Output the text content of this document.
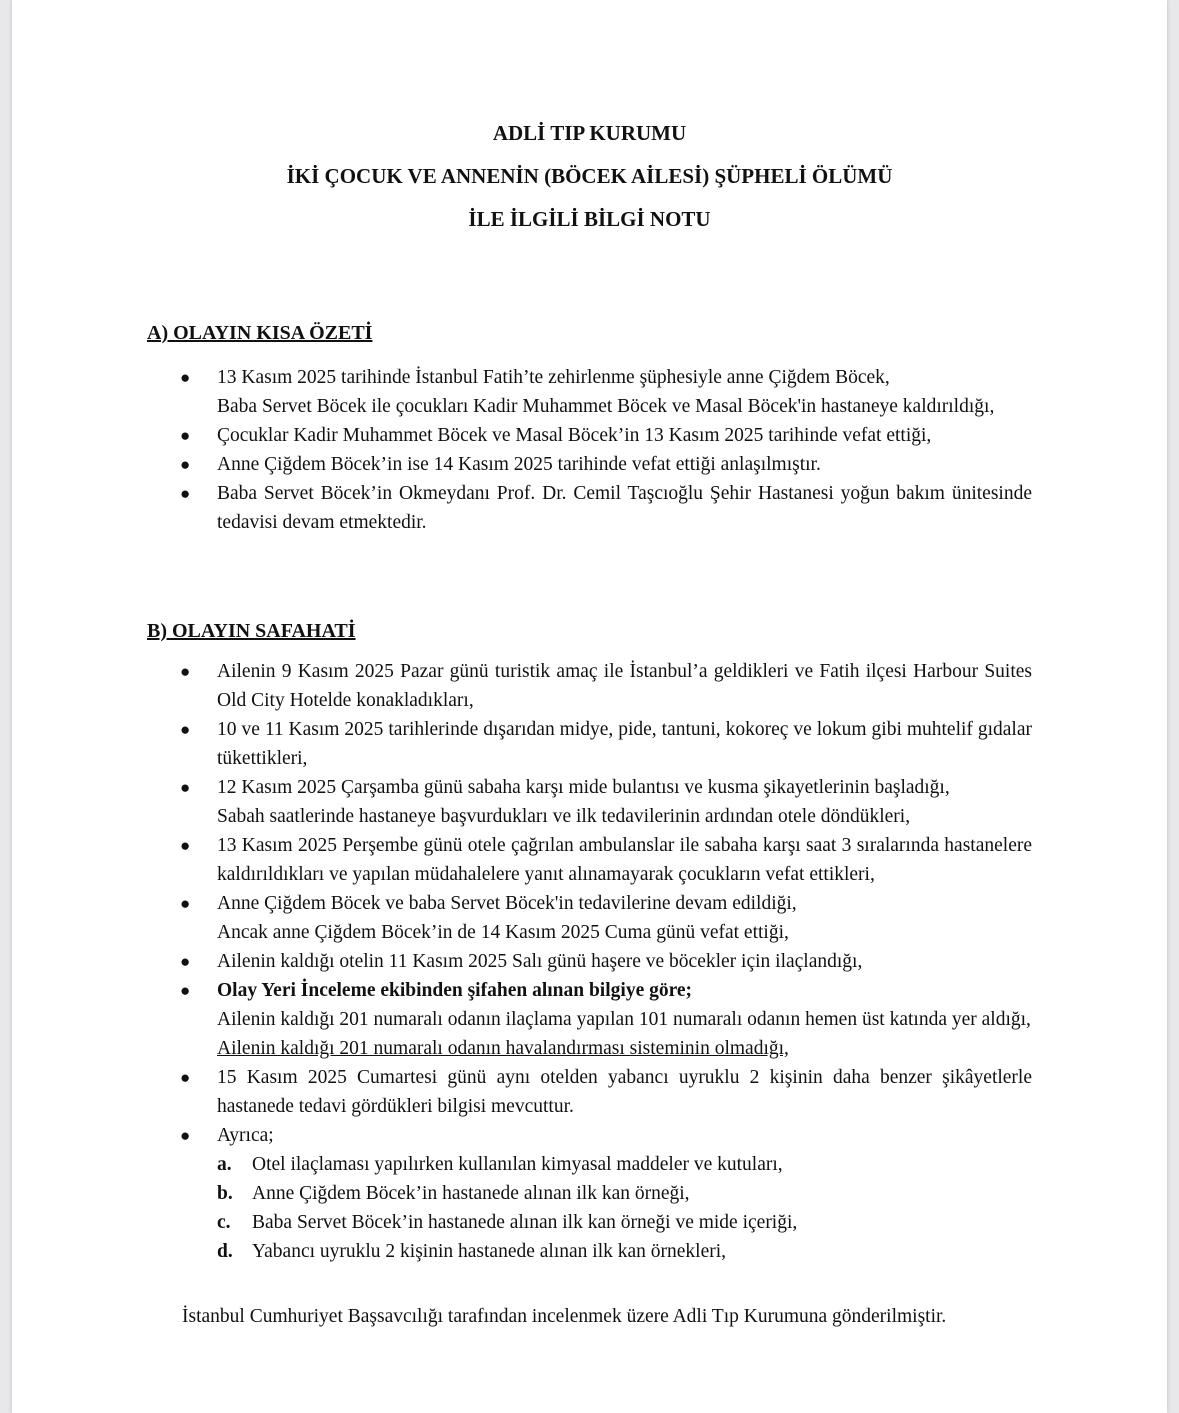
ADLİ TIP KURUMU
İKİ ÇOCUK VE ANNENİN (BÖCEK AİLESİ) ŞÜPHELİ ÖLÜMÜ
İLE İLGİLİ BİLGİ NOTU
A) OLAYIN KISA ÖZETİ
● 13 Kasım 2025 tarihinde İstanbul Fatih’te zehirlenme şüphesiyle anne Çiğdem Böcek,
Baba Servet Böcek ile çocukları Kadir Muhammet Böcek ve Masal Böcek'in hastaneye kaldırıldığı,
● Çocuklar Kadir Muhammet Böcek ve Masal Böcek’in 13 Kasım 2025 tarihinde vefat ettiği,
● Anne Çiğdem Böcek’in ise 14 Kasım 2025 tarihinde vefat ettiği anlaşılmıştır.
● Baba Servet Böcek’in Okmeydanı Prof. Dr. Cemil Taşcıoğlu Şehir Hastanesi yoğun bakım ünitesinde tedavisi devam etmektedir.
B) OLAYIN SAFAHATİ
● Ailenin 9 Kasım 2025 Pazar günü turistik amaç ile İstanbul’a geldikleri ve Fatih ilçesi Harbour Suites Old City Hotelde konakladıkları,
● 10 ve 11 Kasım 2025 tarihlerinde dışarıdan midye, pide, tantuni, kokoreç ve lokum gibi muhtelif gıdalar tükettikleri,
● 12 Kasım 2025 Çarşamba günü sabaha karşı mide bulantısı ve kusma şikayetlerinin başladığı,
Sabah saatlerinde hastaneye başvurdukları ve ilk tedavilerinin ardından otele döndükleri,
● 13 Kasım 2025 Perşembe günü otele çağrılan ambulanslar ile sabaha karşı saat 3 sıralarında hastanelere kaldırıldıkları ve yapılan müdahalelere yanıt alınamayarak çocukların vefat ettikleri,
● Anne Çiğdem Böcek ve baba Servet Böcek'in tedavilerine devam edildiği,
Ancak anne Çiğdem Böcek’in de 14 Kasım 2025 Cuma günü vefat ettiği,
● Ailenin kaldığı otelin 11 Kasım 2025 Salı günü haşere ve böcekler için ilaçlandığı,
● Olay Yeri İnceleme ekibinden şifahen alınan bilgiye göre;
Ailenin kaldığı 201 numaralı odanın ilaçlama yapılan 101 numaralı odanın hemen üst katında yer aldığı,
Ailenin kaldığı 201 numaralı odanın havalandırması sisteminin olmadığı,
● 15 Kasım 2025 Cumartesi günü aynı otelden yabancı uyruklu 2 kişinin daha benzer şikâyetlerle hastanede tedavi gördükleri bilgisi mevcuttur.
● Ayrıca;
a. Otel ilaçlaması yapılırken kullanılan kimyasal maddeler ve kutuları,
b. Anne Çiğdem Böcek’in hastanede alınan ilk kan örneği,
c. Baba Servet Böcek’in hastanede alınan ilk kan örneği ve mide içeriği,
d. Yabancı uyruklu 2 kişinin hastanede alınan ilk kan örnekleri,
İstanbul Cumhuriyet Başsavcılığı tarafından incelenmek üzere Adli Tıp Kurumuna gönderilmiştir.
